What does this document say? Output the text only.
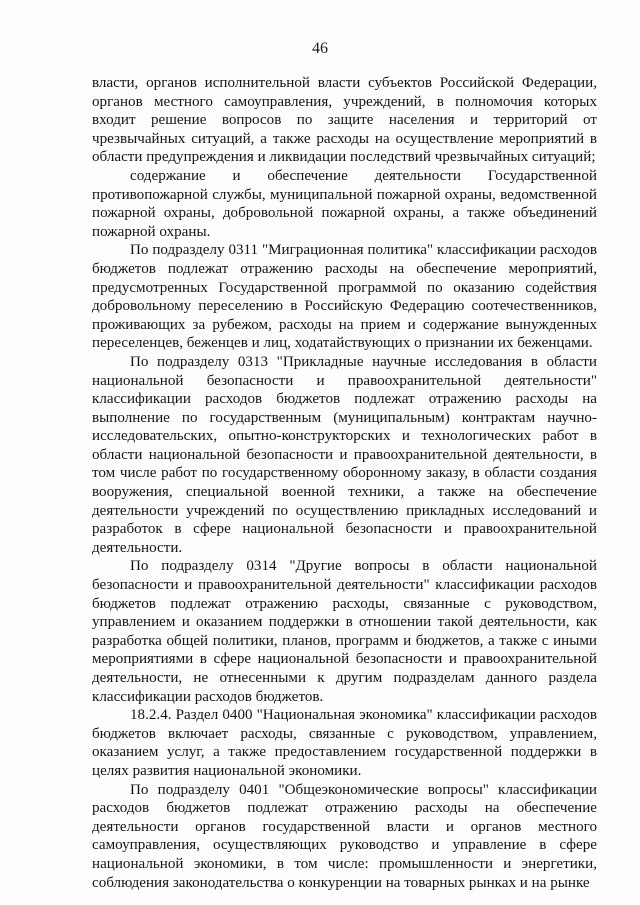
46

власти, органов исполнительной власти субъектов Российской Федерации, органов местного самоуправления, учреждений, в полномочия которых входит решение вопросов по защите населения и территорий от чрезвычайных ситуаций, а также расходы на осуществление мероприятий в области предупреждения и ликвидации последствий чрезвычайных ситуаций;

содержание и обеспечение деятельности Государственной противопожарной службы, муниципальной пожарной охраны, ведомственной пожарной охраны, добровольной пожарной охраны, а также объединений пожарной охраны.

По подразделу 0311 "Миграционная политика" классификации расходов бюджетов подлежат отражению расходы на обеспечение мероприятий, предусмотренных Государственной программой по оказанию содействия добровольному переселению в Российскую Федерацию соотечественников, проживающих за рубежом, расходы на прием и содержание вынужденных переселенцев, беженцев и лиц, ходатайствующих о признании их беженцами.

По подразделу 0313 "Прикладные научные исследования в области национальной безопасности и правоохранительной деятельности" классификации расходов бюджетов подлежат отражению расходы на выполнение по государственным (муниципальным) контрактам научно-исследовательских, опытно-конструкторских и технологических работ в области национальной безопасности и правоохранительной деятельности, в том числе работ по государственному оборонному заказу, в области создания вооружения, специальной военной техники, а также на обеспечение деятельности учреждений по осуществлению прикладных исследований и разработок в сфере национальной безопасности и правоохранительной деятельности.

По подразделу 0314 "Другие вопросы в области национальной безопасности и правоохранительной деятельности" классификации расходов бюджетов подлежат отражению расходы, связанные с руководством, управлением и оказанием поддержки в отношении такой деятельности, как разработка общей политики, планов, программ и бюджетов, а также с иными мероприятиями в сфере национальной безопасности и правоохранительной деятельности, не отнесенными к другим подразделам данного раздела классификации расходов бюджетов.

18.2.4. Раздел 0400 "Национальная экономика" классификации расходов бюджетов включает расходы, связанные с руководством, управлением, оказанием услуг, а также предоставлением государственной поддержки в целях развития национальной экономики.

По подразделу 0401 "Общеэкономические вопросы" классификации расходов бюджетов подлежат отражению расходы на обеспечение деятельности органов государственной власти и органов местного самоуправления, осуществляющих руководство и управление в сфере национальной экономики, в том числе: промышленности и энергетики, соблюдения законодательства о конкуренции на товарных рынках и на рынке
